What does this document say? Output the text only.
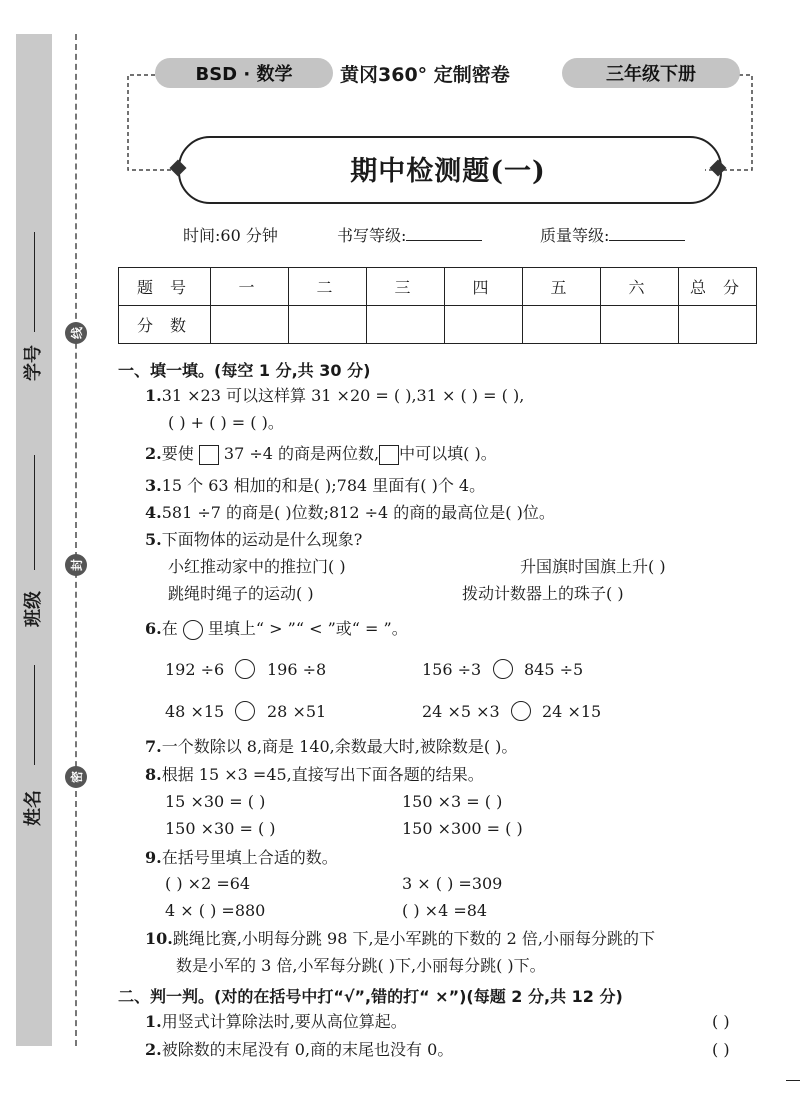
学号
班级
姓名
线
封
密
BSD · 数学	黄冈360° 定制密卷	三年级下册
期中检测题(一)
时间:60 分钟	书写等级:	质量等级:
题 号	一	二	三	四	五	六	总 分
分 数							
一、填一填。(每空 1 分,共 30 分)
1.31 ×23 可以这样算 31 ×20 = ( ),31 × ( ) = ( ),
( ) + ( ) = ( )。
2.要使 37 ÷4 的商是两位数, 中可以填( )。
3.15 个 63 相加的和是( );784 里面有( )个 4。
4.581 ÷7 的商是( )位数;812 ÷4 的商的最高位是( )位。
5.下面物体的运动是什么现象?
小红推动家中的推拉门( )	升国旗时国旗上升( )
跳绳时绳子的运动( )	拨动计数器上的珠子( )
6.在 里填上“ > ”“ < ”或“ = ”。
192 ÷6	196 ÷8	156 ÷3	845 ÷5
48 ×15	28 ×51	24 ×5 ×3	24 ×15
7.一个数除以 8,商是 140,余数最大时,被除数是( )。
8.根据 15 ×3 =45,直接写出下面各题的结果。
15 ×30 = ( )	150 ×3 = ( )
150 ×30 = ( )	150 ×300 = ( )
9.在括号里填上合适的数。
( ) ×2 =64	3 × ( ) =309
4 × ( ) =880	( ) ×4 =84
10.跳绳比赛,小明每分跳 98 下,是小军跳的下数的 2 倍,小丽每分跳的下
数是小军的 3 倍,小军每分跳( )下,小丽每分跳( )下。
二、判一判。(对的在括号中打“√”,错的打“ ×”)(每题 2 分,共 12 分)
1.用竖式计算除法时,要从高位算起。	( )
2.被除数的末尾没有 0,商的末尾也没有 0。	( )
